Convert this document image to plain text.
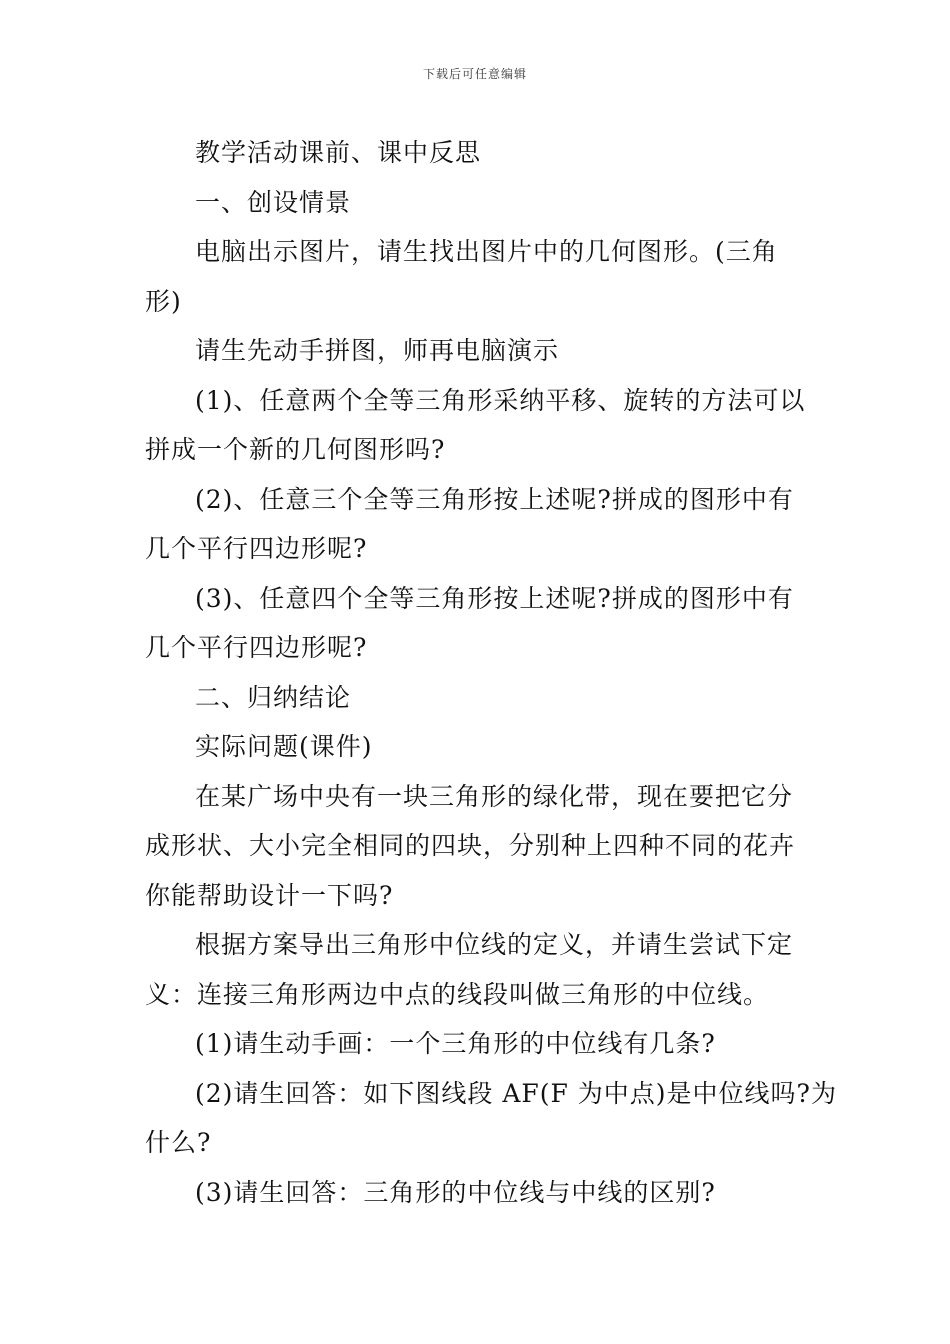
下载后可任意编辑

教学活动课前、课中反思

一、创设情景

电脑出示图片，请生找出图片中的几何图形。(三角
形)

请生先动手拼图，师再电脑演示

(1)、任意两个全等三角形采纳平移、旋转的方法可以
拼成一个新的几何图形吗?

(2)、任意三个全等三角形按上述呢?拼成的图形中有
几个平行四边形呢?

(3)、任意四个全等三角形按上述呢?拼成的图形中有
几个平行四边形呢?

二、归纳结论

实际问题(课件)

在某广场中央有一块三角形的绿化带，现在要把它分
成形状、大小完全相同的四块，分别种上四种不同的花卉
你能帮助设计一下吗?

根据方案导出三角形中位线的定义，并请生尝试下定
义：连接三角形两边中点的线段叫做三角形的中位线。

(1)请生动手画：一个三角形的中位线有几条?

(2)请生回答：如下图线段 AF(F 为中点)是中位线吗?为
什么?

(3)请生回答：三角形的中位线与中线的区别?
